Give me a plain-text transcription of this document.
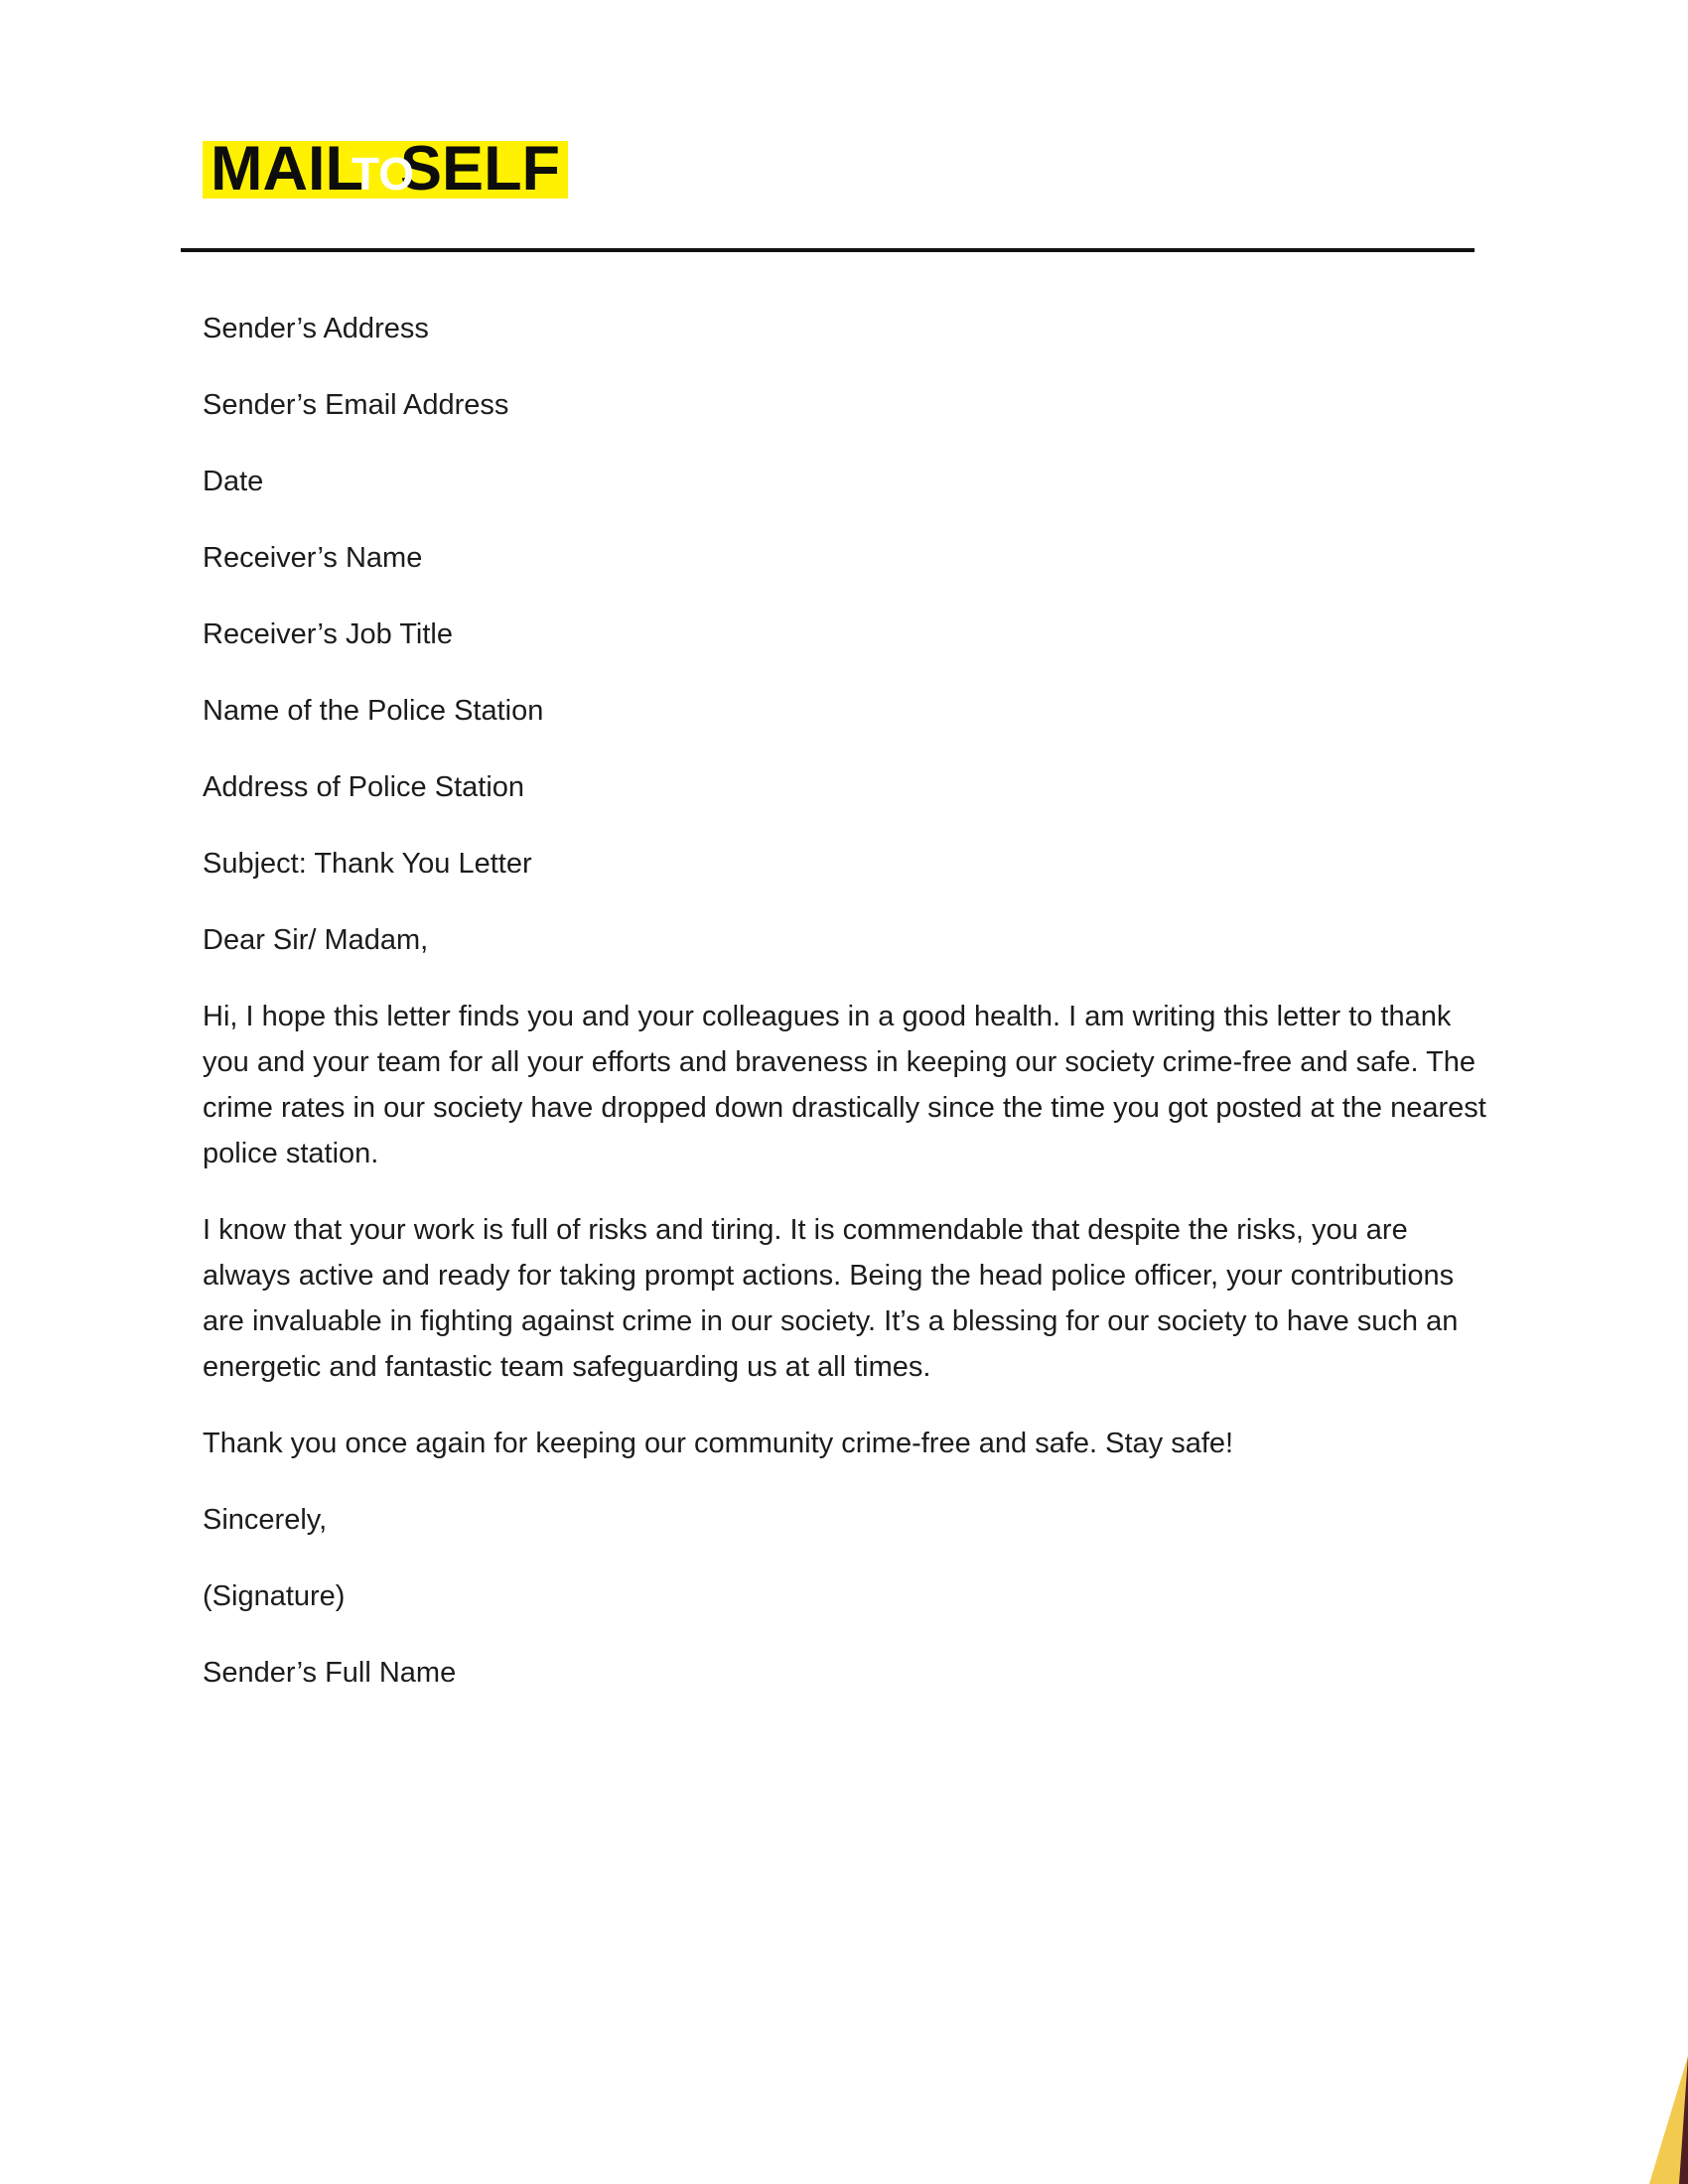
MAIL
TO
SELF

Sender’s Address

Sender’s Email Address

Date

Receiver’s Name

Receiver’s Job Title

Name of the Police Station

Address of Police Station

Subject: Thank You Letter

Dear Sir/ Madam,

Hi, I hope this letter finds you and your colleagues in a good health. I am writing this letter to thank you and your team for all your efforts and braveness in keeping our society crime-free and safe. The crime rates in our society have dropped down drastically since the time you got posted at the nearest police station.

I know that your work is full of risks and tiring. It is commendable that despite the risks, you are always active and ready for taking prompt actions. Being the head police officer, your contributions are invaluable in fighting against crime in our society. It’s a blessing for our society to have such an energetic and fantastic team safeguarding us at all times.

Thank you once again for keeping our community crime-free and safe. Stay safe!

Sincerely,

(Signature)

Sender’s Full Name
